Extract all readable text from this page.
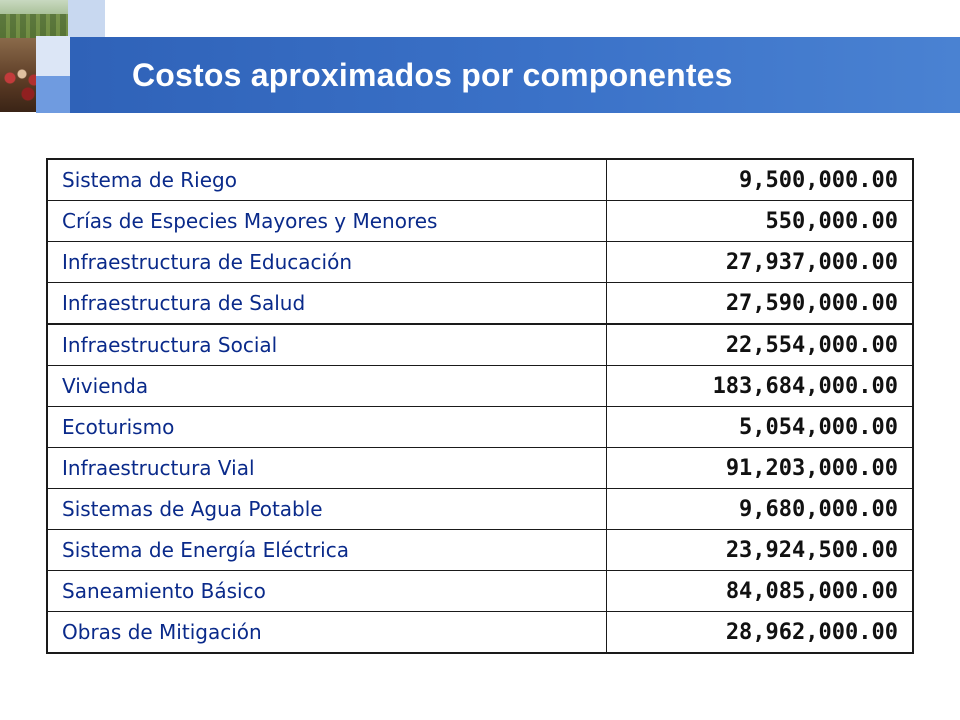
Costos aproximados por componentes
Sistema de Riego	9,500,000.00
Crías de Especies Mayores y Menores	550,000.00
Infraestructura de Educación	27,937,000.00
Infraestructura de Salud	27,590,000.00
Infraestructura Social	22,554,000.00
Vivienda	183,684,000.00
Ecoturismo	5,054,000.00
Infraestructura Vial	91,203,000.00
Sistemas de Agua Potable	9,680,000.00
Sistema de Energía Eléctrica	23,924,500.00
Saneamiento Básico	84,085,000.00
Obras de Mitigación	28,962,000.00
